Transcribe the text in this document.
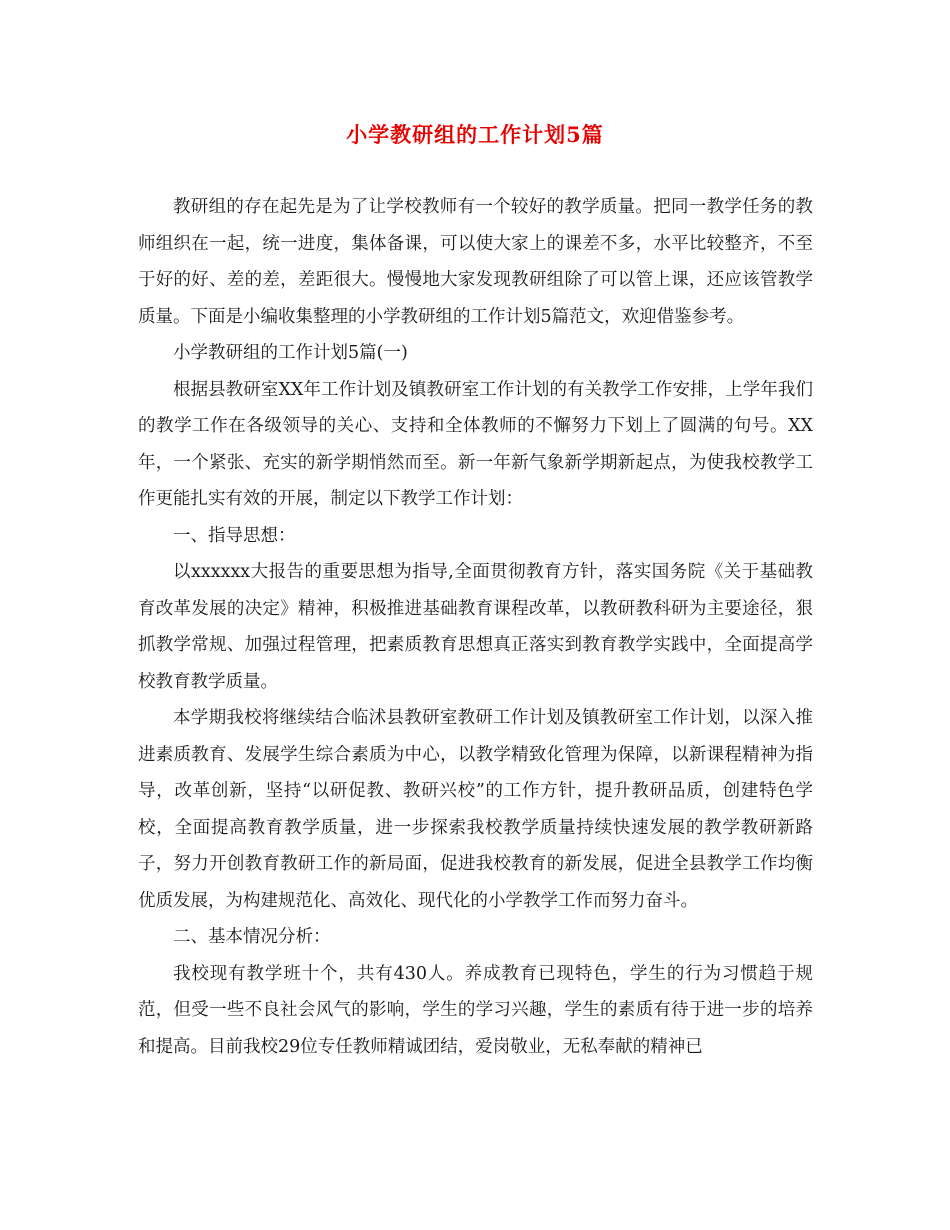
小学教研组的工作计划5篇

教研组的存在起先是为了让学校教师有一个较好的教学质量。把同一教学任务的教师组织在一起，统一进度，集体备课，可以使大家上的课差不多，水平比较整齐，不至于好的好、差的差，差距很大。慢慢地大家发现教研组除了可以管上课，还应该管教学质量。下面是小编收集整理的小学教研组的工作计划5篇范文，欢迎借鉴参考。

小学教研组的工作计划5篇(一)

根据县教研室XX年工作计划及镇教研室工作计划的有关教学工作安排，上学年我们的教学工作在各级领导的关心、支持和全体教师的不懈努力下划上了圆满的句号。XX年，一个紧张、充实的新学期悄然而至。新一年新气象新学期新起点，为使我校教学工作更能扎实有效的开展，制定以下教学工作计划：

一、指导思想：

以xxxxxx大报告的重要思想为指导,全面贯彻教育方针，落实国务院《关于基础教育改革发展的决定》精神，积极推进基础教育课程改革，以教研教科研为主要途径，狠抓教学常规、加强过程管理，把素质教育思想真正落实到教育教学实践中，全面提高学校教育教学质量。

本学期我校将继续结合临沭县教研室教研工作计划及镇教研室工作计划，以深入推进素质教育、发展学生综合素质为中心，以教学精致化管理为保障，以新课程精神为指导，改革创新，坚持“以研促教、教研兴校”的工作方针，提升教研品质，创建特色学校，全面提高教育教学质量，进一步探索我校教学质量持续快速发展的教学教研新路子，努力开创教育教研工作的新局面，促进我校教育的新发展，促进全县教学工作均衡优质发展，为构建规范化、高效化、现代化的小学教学工作而努力奋斗。

二、基本情况分析：

我校现有教学班十个，共有430人。养成教育已现特色，学生的行为习惯趋于规范，但受一些不良社会风气的影响，学生的学习兴趣，学生的素质有待于进一步的培养和提高。目前我校29位专任教师精诚团结，爱岗敬业，无私奉献的精神已
